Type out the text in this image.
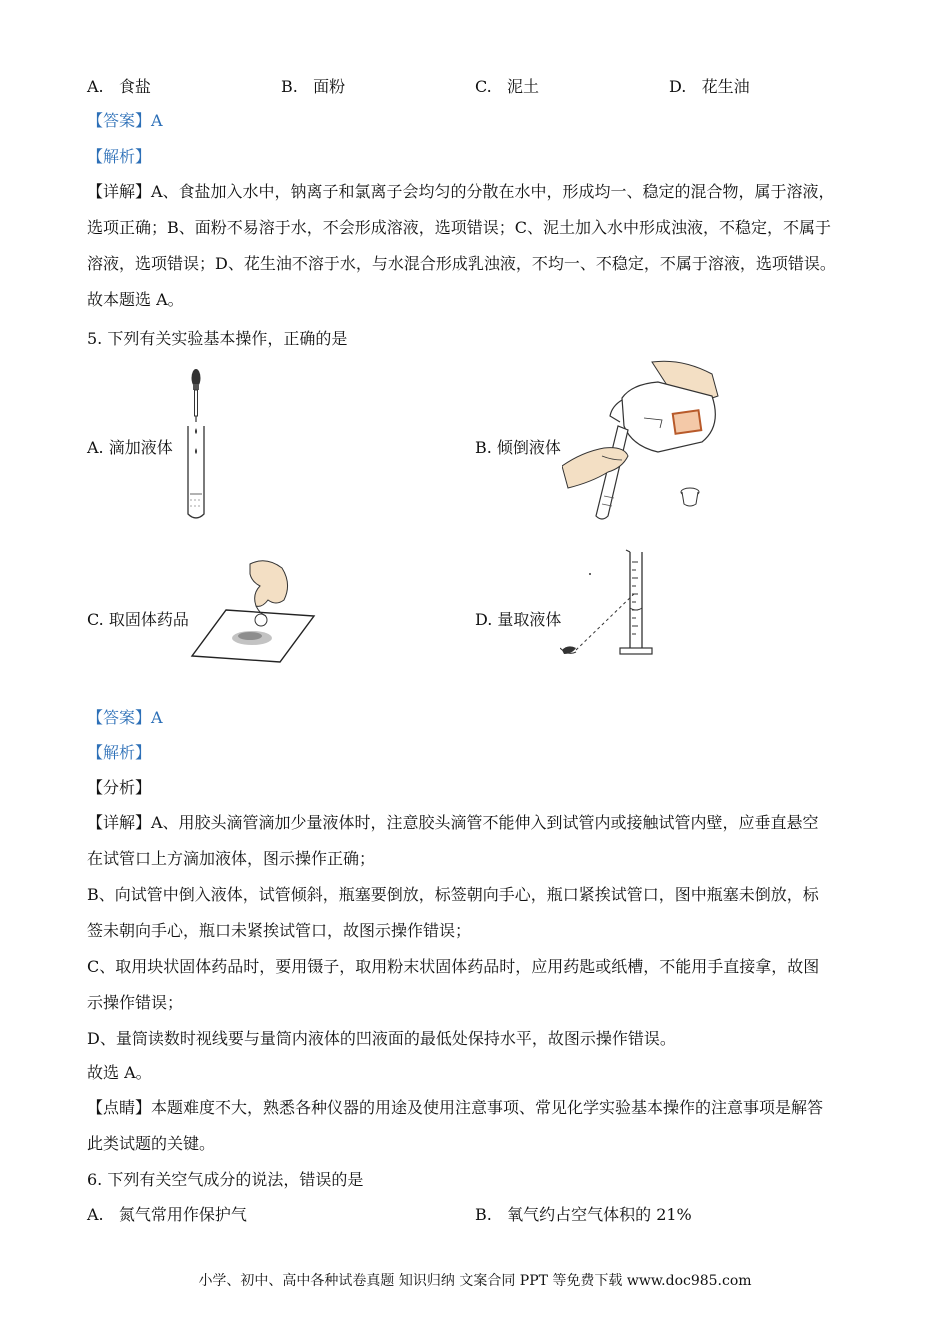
A. 食盐	B. 面粉	C. 泥土	D. 花生油
【答案】A
【解析】
【详解】A、食盐加入水中，钠离子和氯离子会均匀的分散在水中，形成均一、稳定的混合物，属于溶液，
选项正确；B、面粉不易溶于水，不会形成溶液，选项错误；C、泥土加入水中形成浊液，不稳定，不属于
溶液，选项错误；D、花生油不溶于水，与水混合形成乳浊液，不均一、不稳定，不属于溶液，选项错误。
故本题选 A。
5. 下列有关实验基本操作，正确的是
A. 滴加液体	B. 倾倒液体
C. 取固体药品	D. 量取液体
【答案】A
【解析】
【分析】
【详解】A、用胶头滴管滴加少量液体时，注意胶头滴管不能伸入到试管内或接触试管内壁，应垂直悬空
在试管口上方滴加液体，图示操作正确；
B、向试管中倒入液体，试管倾斜，瓶塞要倒放，标签朝向手心，瓶口紧挨试管口，图中瓶塞未倒放，标
签未朝向手心，瓶口未紧挨试管口，故图示操作错误；
C、取用块状固体药品时，要用镊子，取用粉末状固体药品时，应用药匙或纸槽，不能用手直接拿，故图
示操作错误；
D、量筒读数时视线要与量筒内液体的凹液面的最低处保持水平，故图示操作错误。
故选 A。
【点睛】本题难度不大，熟悉各种仪器的用途及使用注意事项、常见化学实验基本操作的注意事项是解答
此类试题的关键。
6. 下列有关空气成分的说法，错误的是
A. 氮气常用作保护气	B. 氧气约占空气体积的 21%
小学、初中、高中各种试卷真题 知识归纳 文案合同 PPT 等免费下载 www.doc985.com
